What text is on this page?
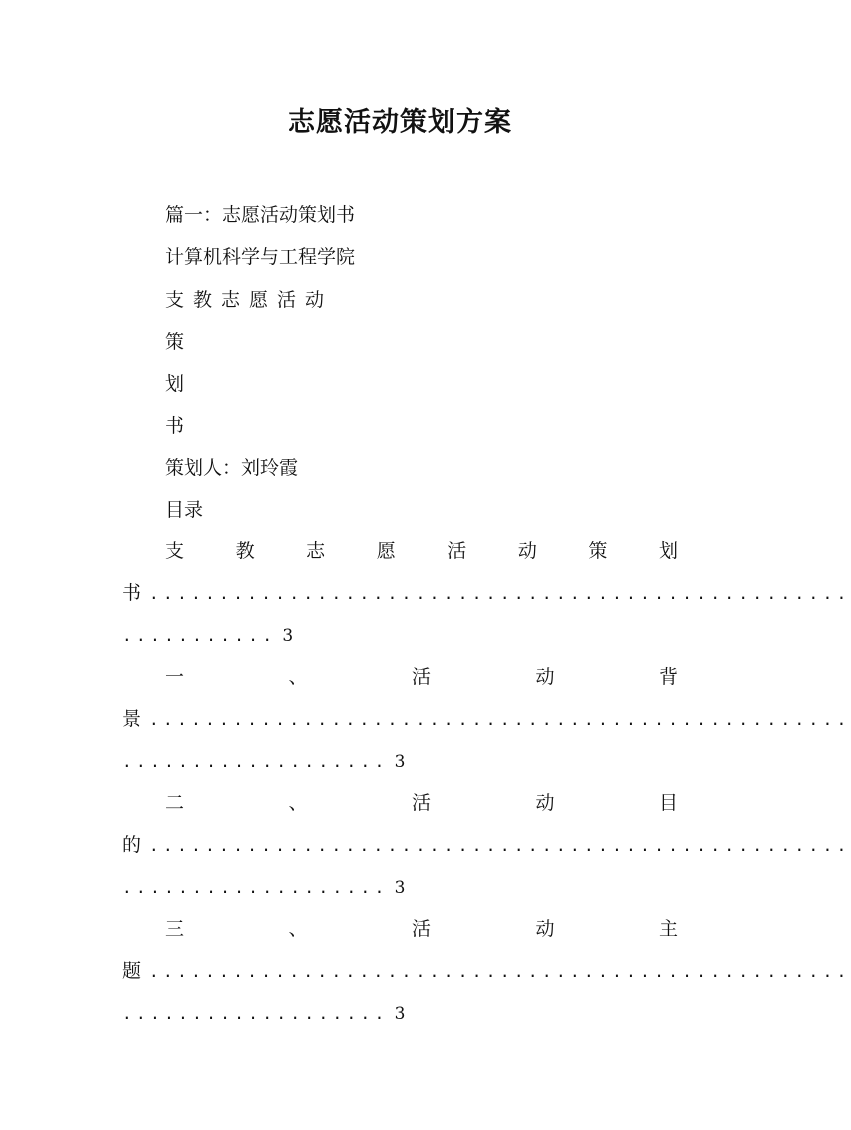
志愿活动策划方案
篇一：志愿活动策划书
计算机科学与工程学院
支教志愿活动
策
划
书
策划人：刘玲霞
目录
支	教	志	愿	活	动	策	划
书 ..................................................
........... 3
一	、	活	动	背
景 ..................................................
................... 3
二	、	活	动	目
的 ..................................................
................... 3
三	、	活	动	主
题 ..................................................
................... 3
